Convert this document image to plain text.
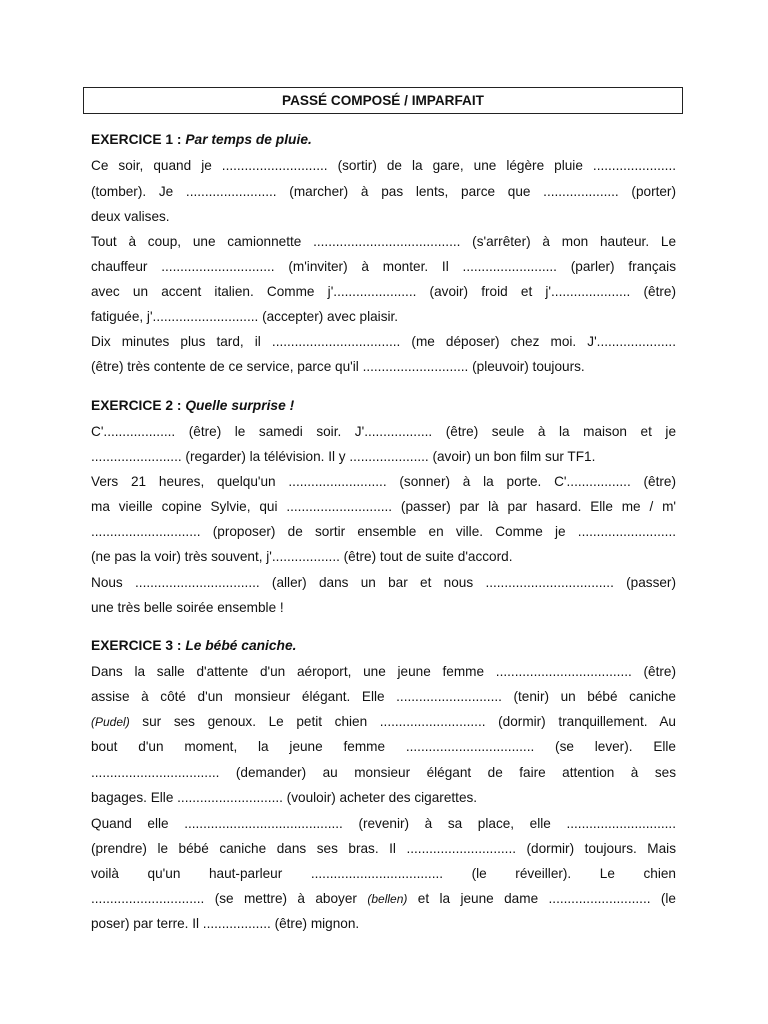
PASSÉ COMPOSÉ / IMPARFAIT
EXERCICE 1 : Par temps de pluie.
Ce soir, quand je ............................ (sortir) de la gare, une légère pluie ......................
(tomber). Je ........................ (marcher) à pas lents, parce que .................... (porter)
deux valises.
Tout à coup, une camionnette ....................................... (s'arrêter) à mon hauteur. Le
chauffeur .............................. (m'inviter) à monter. Il ......................... (parler) français
avec un accent italien. Comme j'...................... (avoir) froid et j'..................... (être)
fatiguée, j'............................ (accepter) avec plaisir.
Dix minutes plus tard, il .................................. (me déposer) chez moi. J'.....................
(être) très contente de ce service, parce qu'il ............................ (pleuvoir) toujours.
EXERCICE 2 : Quelle surprise !
C'................... (être) le samedi soir. J'.................. (être) seule à la maison et je
........................ (regarder) la télévision. Il y ..................... (avoir) un bon film sur TF1.
Vers 21 heures, quelqu'un .......................... (sonner) à la porte. C'................. (être)
ma vieille copine Sylvie, qui ............................ (passer) par là par hasard. Elle me / m'
............................. (proposer) de sortir ensemble en ville. Comme je ..........................
(ne pas la voir) très souvent, j'.................. (être) tout de suite d'accord.
Nous ................................. (aller) dans un bar et nous .................................. (passer)
une très belle soirée ensemble !
EXERCICE 3 : Le bébé caniche.
Dans la salle d'attente d'un aéroport, une jeune femme .................................... (être)
assise à côté d'un monsieur élégant. Elle ............................ (tenir) un bébé caniche
(Pudel) sur ses genoux. Le petit chien ............................ (dormir) tranquillement. Au
bout d'un moment, la jeune femme .................................. (se lever). Elle
.................................. (demander) au monsieur élégant de faire attention à ses
bagages. Elle ............................ (vouloir) acheter des cigarettes.
Quand elle .......................................... (revenir) à sa place, elle .............................
(prendre) le bébé caniche dans ses bras. Il ............................. (dormir) toujours. Mais
voilà qu'un haut-parleur ................................... (le réveiller). Le chien
.............................. (se mettre) à aboyer (bellen) et la jeune dame ........................... (le
poser) par terre. Il .................. (être) mignon.
